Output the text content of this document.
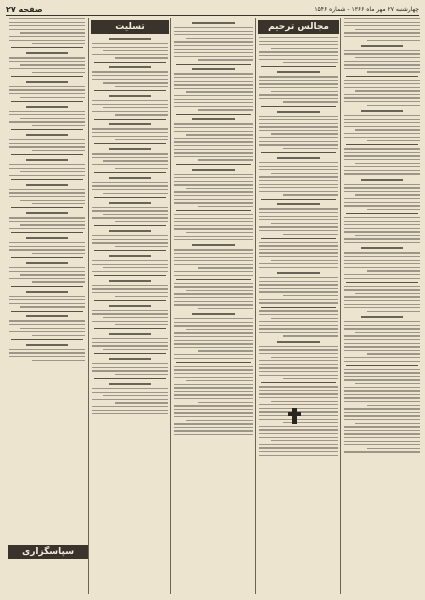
چهارشنبه ۲۷ مهر ماه ۱۳۶۶ - شماره ۱۵۴۶
صفحه ۲۷
مجالس ترحیم
تسلیت
سپاسگزاری
